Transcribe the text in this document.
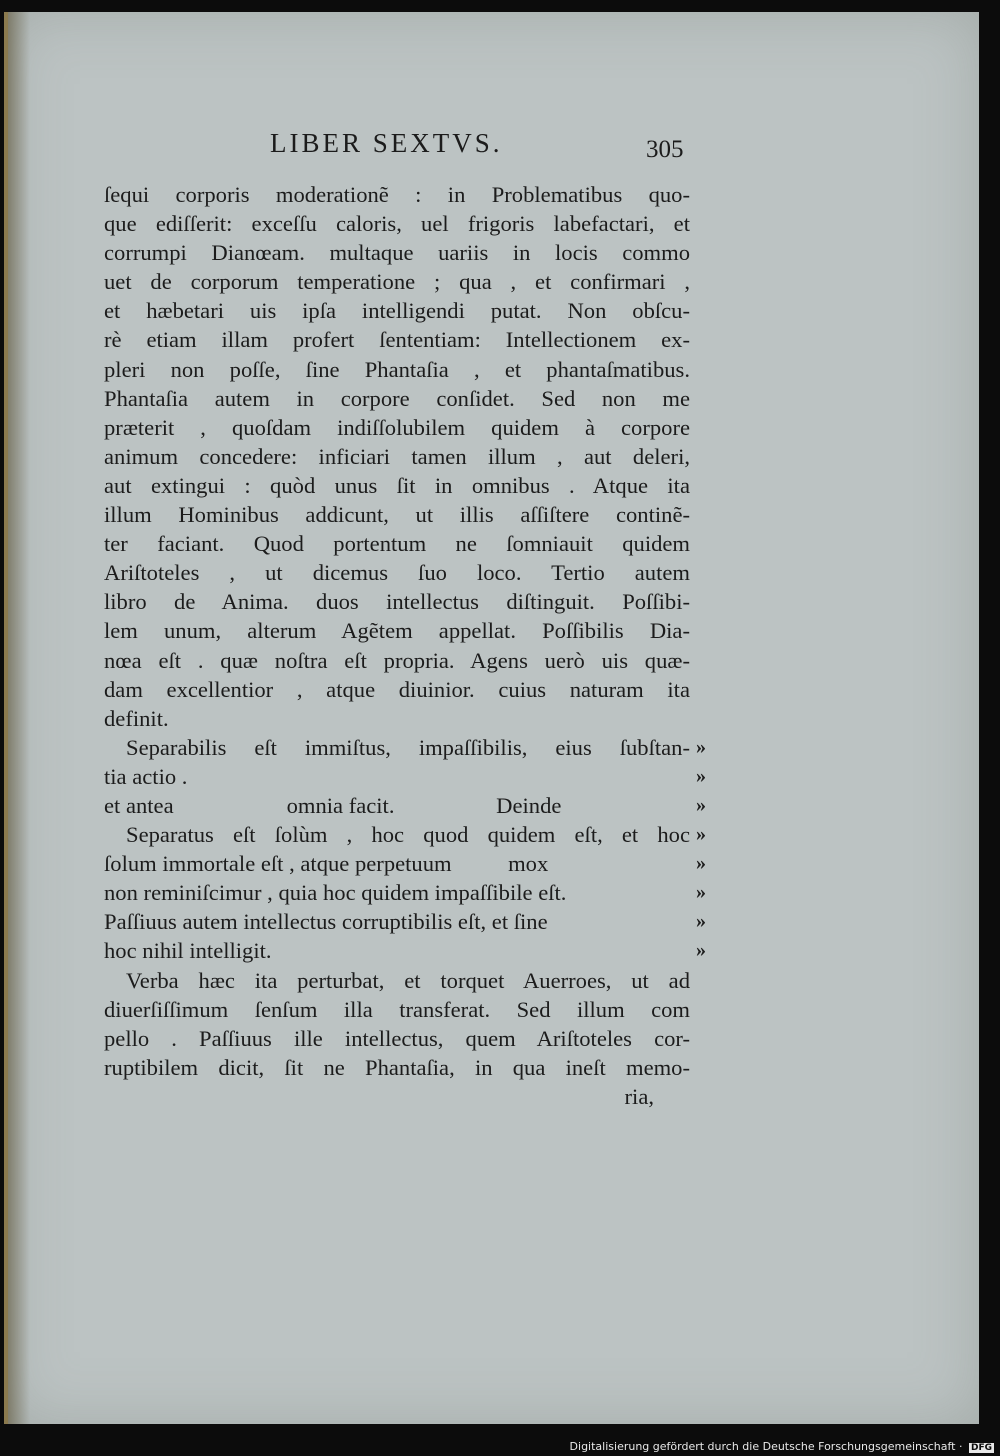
LIBER SEXTVS.	305
ſequi corporis moderationẽ : in Problematibus quo-
que ediſſerit: exceſſu caloris, uel frigoris labefactari, et
corrumpi Dianœam. multaque uariis in locis commo
uet de corporum temperatione ; qua , et confirmari ,
et hæbetari uis ipſa intelligendi putat. Non obſcu-
rè etiam illam profert ſententiam: Intellectionem ex-
pleri non poſſe, ſine Phantaſia , et phantaſmatibus.
Phantaſia autem in corpore conſidet. Sed non me
præterit , quoſdam indiſſolubilem quidem à corpore
animum concedere: inficiari tamen illum , aut deleri,
aut extingui : quòd unus ſit in omnibus . Atque ita
illum Hominibus addicunt, ut illis aſſiſtere continẽ-
ter faciant. Quod portentum ne ſomniauit quidem
Ariſtoteles , ut dicemus ſuo loco. Tertio autem
libro de Anima. duos intellectus diſtinguit. Poſſibi-
lem unum, alterum Agẽtem appellat. Poſſibilis Dia-
nœa eſt . quæ noſtra eſt propria. Agens uerò uis quæ-
dam excellentior , atque diuinior. cuius naturam ita
definit.
Separabilis eſt immiſtus, impaſſibilis, eius ſubſtan- »
tia actio .	»
et antea                    omnia facit.                  Deinde	»
Separatus eſt ſolùm , hoc quod quidem eſt, et hoc »
ſolum immortale eſt , atque perpetuum          mox	»
non reminiſcimur , quia hoc quidem impaſſibile eſt.	»
Paſſiuus autem intellectus corruptibilis eſt, et ſine	»
hoc nihil intelligit.	»
Verba hæc ita perturbat, et torquet Auerroes, ut ad
diuerſiſſimum ſenſum illa transferat. Sed illum com
pello . Paſſiuus ille intellectus, quem Ariſtoteles cor-
ruptibilem dicit, ſit ne Phantaſia, in qua ineſt memo-
ria,
Digitalisierung gefördert durch die Deutsche Forschungsgemeinschaft · DFG
